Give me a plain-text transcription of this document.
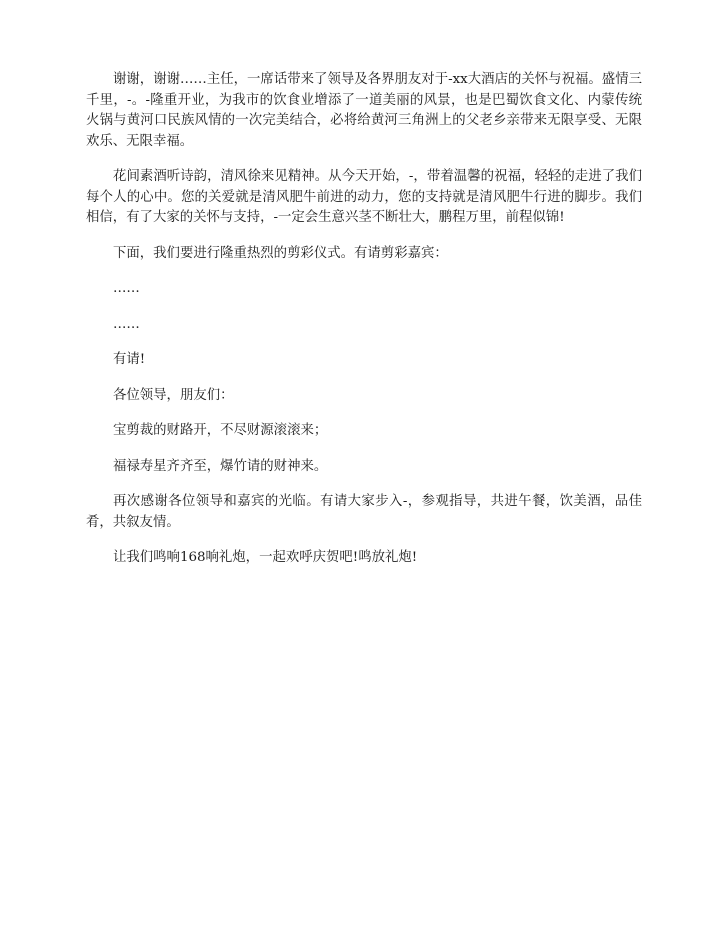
谢谢，谢谢……主任，一席话带来了领导及各界朋友对于-xx大酒店的关怀与祝福。盛情三千里，-。-隆重开业，为我市的饮食业增添了一道美丽的风景，也是巴蜀饮食文化、内蒙传统火锅与黄河口民族风情的一次完美结合，必将给黄河三角洲上的父老乡亲带来无限享受、无限欢乐、无限幸福。

花间素酒听诗韵，清风徐来见精神。从今天开始，-，带着温馨的祝福，轻轻的走进了我们每个人的心中。您的关爱就是清风肥牛前进的动力，您的支持就是清风肥牛行进的脚步。我们相信，有了大家的关怀与支持，-一定会生意兴茎不断壮大，鹏程万里，前程似锦!

下面，我们要进行隆重热烈的剪彩仪式。有请剪彩嘉宾：

……

……

有请!

各位领导，朋友们：

宝剪裁的财路开，不尽财源滚滚来；

福禄寿星齐齐至，爆竹请的财神来。

再次感谢各位领导和嘉宾的光临。有请大家步入-，参观指导，共进午餐，饮美酒，品佳肴，共叙友情。

让我们鸣响168响礼炮，一起欢呼庆贺吧!鸣放礼炮!
